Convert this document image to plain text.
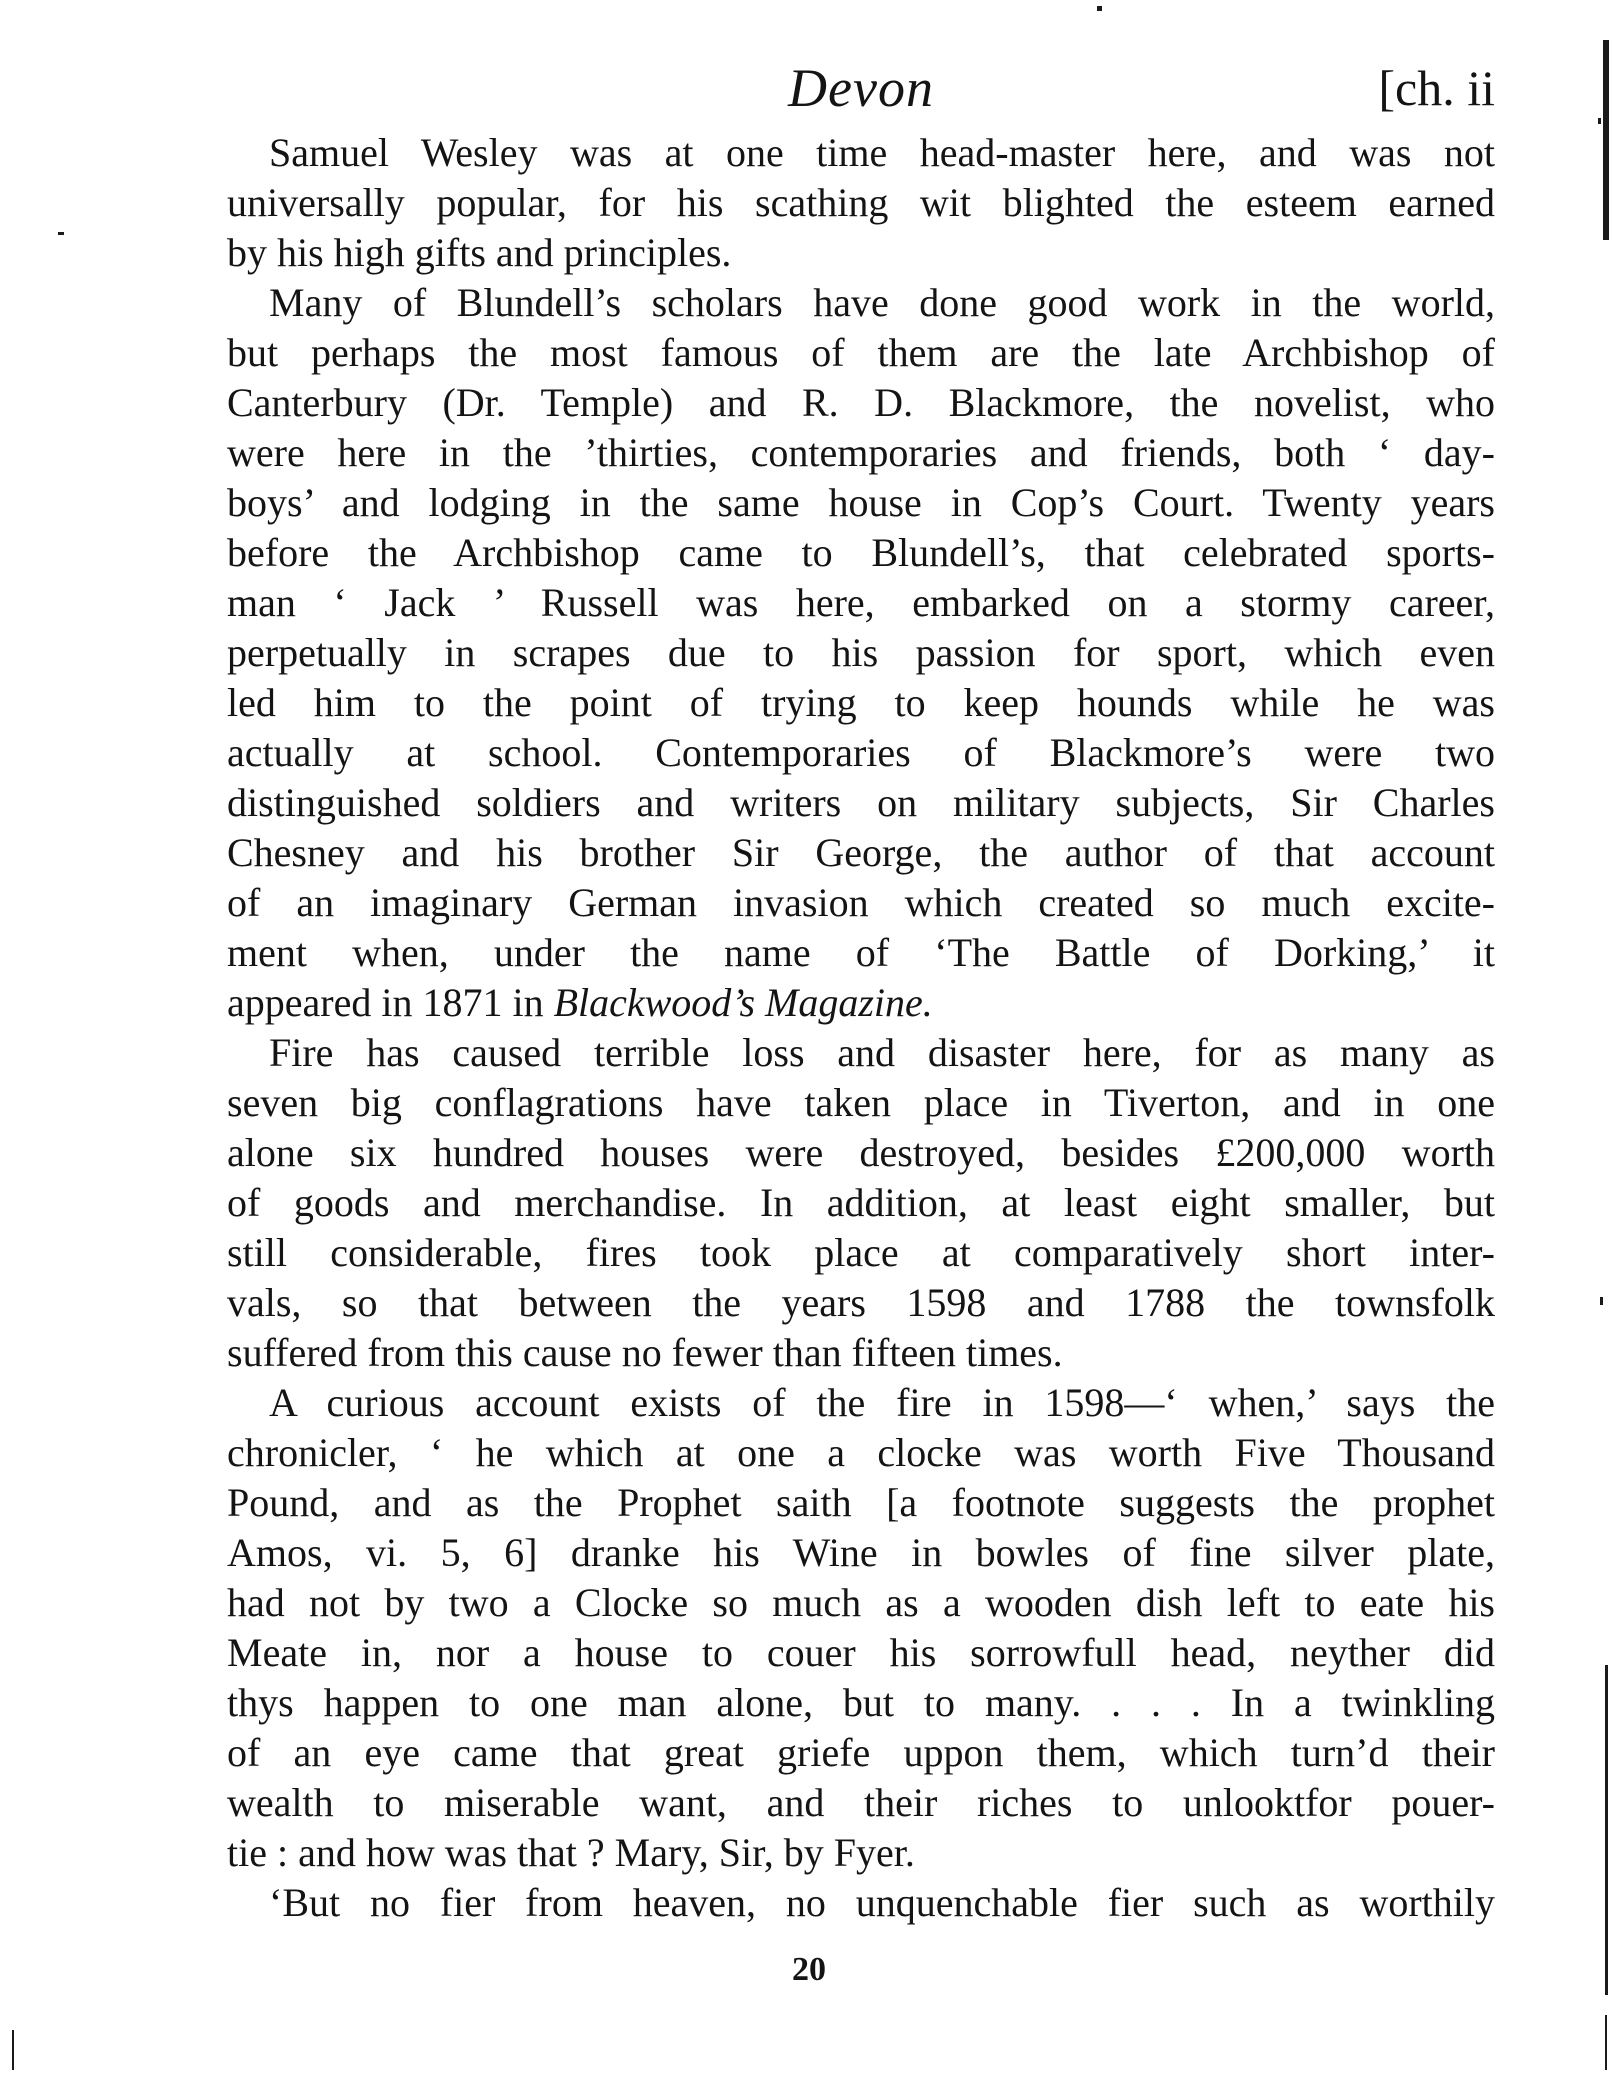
Devon	[ch. ii
Samuel Wesley was at one time head-master here, and was not
universally popular, for his scathing wit blighted the esteem earned
by his high gifts and principles.
Many of Blundell’s scholars have done good work in the world,
but perhaps the most famous of them are the late Archbishop of
Canterbury (Dr. Temple) and R. D. Blackmore, the novelist, who
were here in the ’thirties, contemporaries and friends, both ‘ day-
boys’ and lodging in the same house in Cop’s Court. Twenty years
before the Archbishop came to Blundell’s, that celebrated sports-
man ‘ Jack ’ Russell was here, embarked on a stormy career,
perpetually in scrapes due to his passion for sport, which even
led him to the point of trying to keep hounds while he was
actually at school. Contemporaries of Blackmore’s were two
distinguished soldiers and writers on military subjects, Sir Charles
Chesney and his brother Sir George, the author of that account
of an imaginary German invasion which created so much excite-
ment when, under the name of ‘The Battle of Dorking,’ it
appeared in 1871 in Blackwood’s Magazine.
Fire has caused terrible loss and disaster here, for as many as
seven big conflagrations have taken place in Tiverton, and in one
alone six hundred houses were destroyed, besides £200,000 worth
of goods and merchandise. In addition, at least eight smaller, but
still considerable, fires took place at comparatively short inter-
vals, so that between the years 1598 and 1788 the townsfolk
suffered from this cause no fewer than fifteen times.
A curious account exists of the fire in 1598—‘ when,’ says the
chronicler, ‘ he which at one a clocke was worth Five Thousand
Pound, and as the Prophet saith [a footnote suggests the prophet
Amos, vi. 5, 6] dranke his Wine in bowles of fine silver plate,
had not by two a Clocke so much as a wooden dish left to eate his
Meate in, nor a house to couer his sorrowfull head, neyther did
thys happen to one man alone, but to many. . . . In a twinkling
of an eye came that great griefe uppon them, which turn’d their
wealth to miserable want, and their riches to unlooktfor pouer-
tie : and how was that ? Mary, Sir, by Fyer.
‘But no fier from heaven, no unquenchable fier such as worthily
20
